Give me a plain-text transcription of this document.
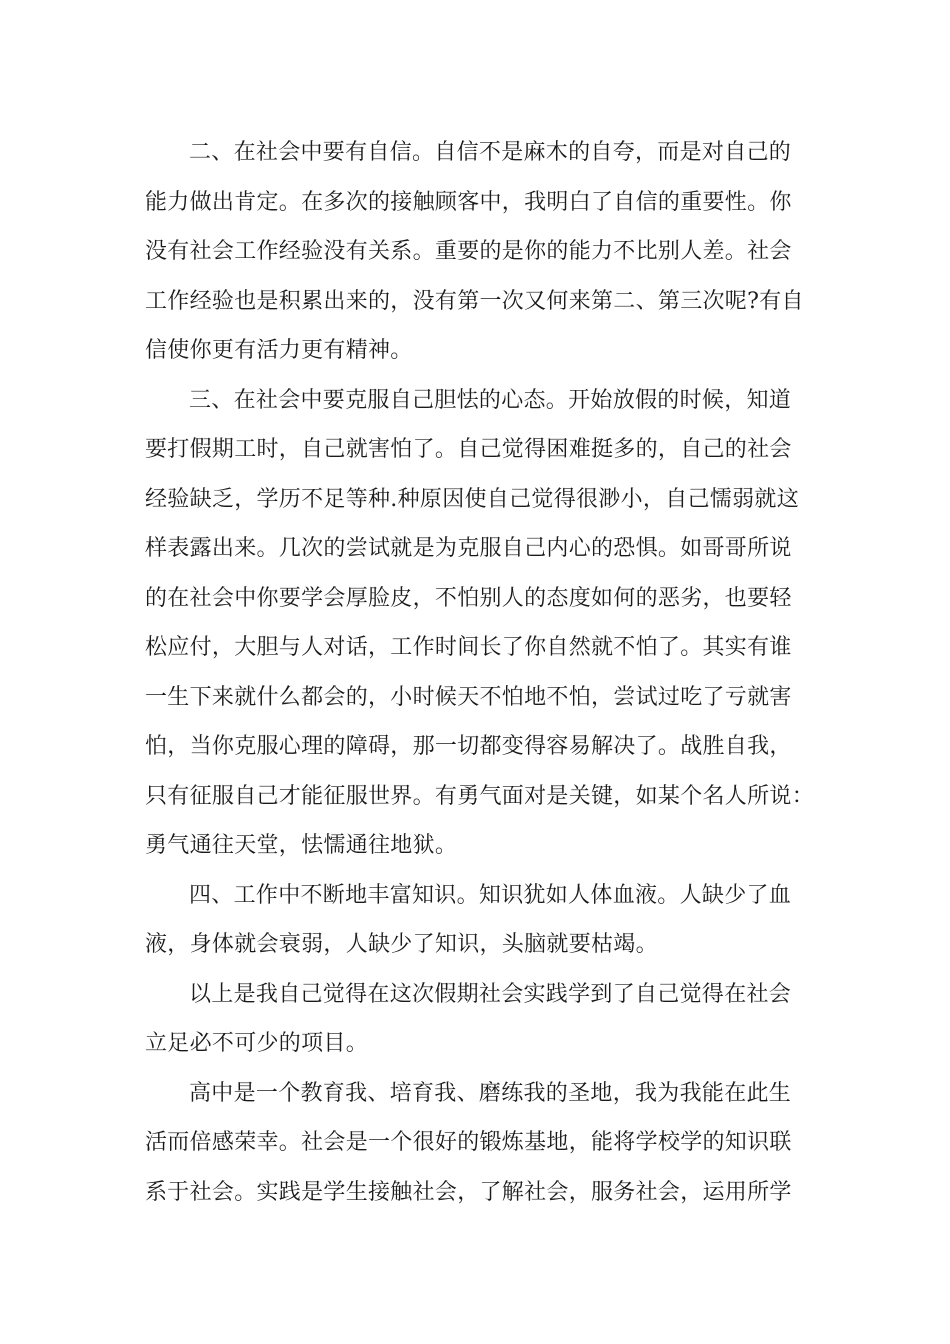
二、在社会中要有自信。自信不是麻木的自夸，而是对自己的
能力做出肯定。在多次的接触顾客中，我明白了自信的重要性。你
没有社会工作经验没有关系。重要的是你的能力不比别人差。社会
工作经验也是积累出来的，没有第一次又何来第二、第三次呢?有自
信使你更有活力更有精神。

三、在社会中要克服自己胆怯的心态。开始放假的时候，知道
要打假期工时，自己就害怕了。自己觉得困难挺多的，自己的社会
经验缺乏，学历不足等种.种原因使自己觉得很渺小，自己懦弱就这
样表露出来。几次的尝试就是为克服自己内心的恐惧。如哥哥所说
的在社会中你要学会厚脸皮，不怕别人的态度如何的恶劣，也要轻
松应付，大胆与人对话，工作时间长了你自然就不怕了。其实有谁
一生下来就什么都会的，小时候天不怕地不怕，尝试过吃了亏就害
怕，当你克服心理的障碍，那一切都变得容易解决了。战胜自我，
只有征服自己才能征服世界。有勇气面对是关键，如某个名人所说：
勇气通往天堂，怯懦通往地狱。

四、工作中不断地丰富知识。知识犹如人体血液。人缺少了血
液，身体就会衰弱，人缺少了知识，头脑就要枯竭。

以上是我自己觉得在这次假期社会实践学到了自己觉得在社会
立足必不可少的项目。

高中是一个教育我、培育我、磨练我的圣地，我为我能在此生
活而倍感荣幸。社会是一个很好的锻炼基地，能将学校学的知识联
系于社会。实践是学生接触社会，了解社会，服务社会，运用所学
